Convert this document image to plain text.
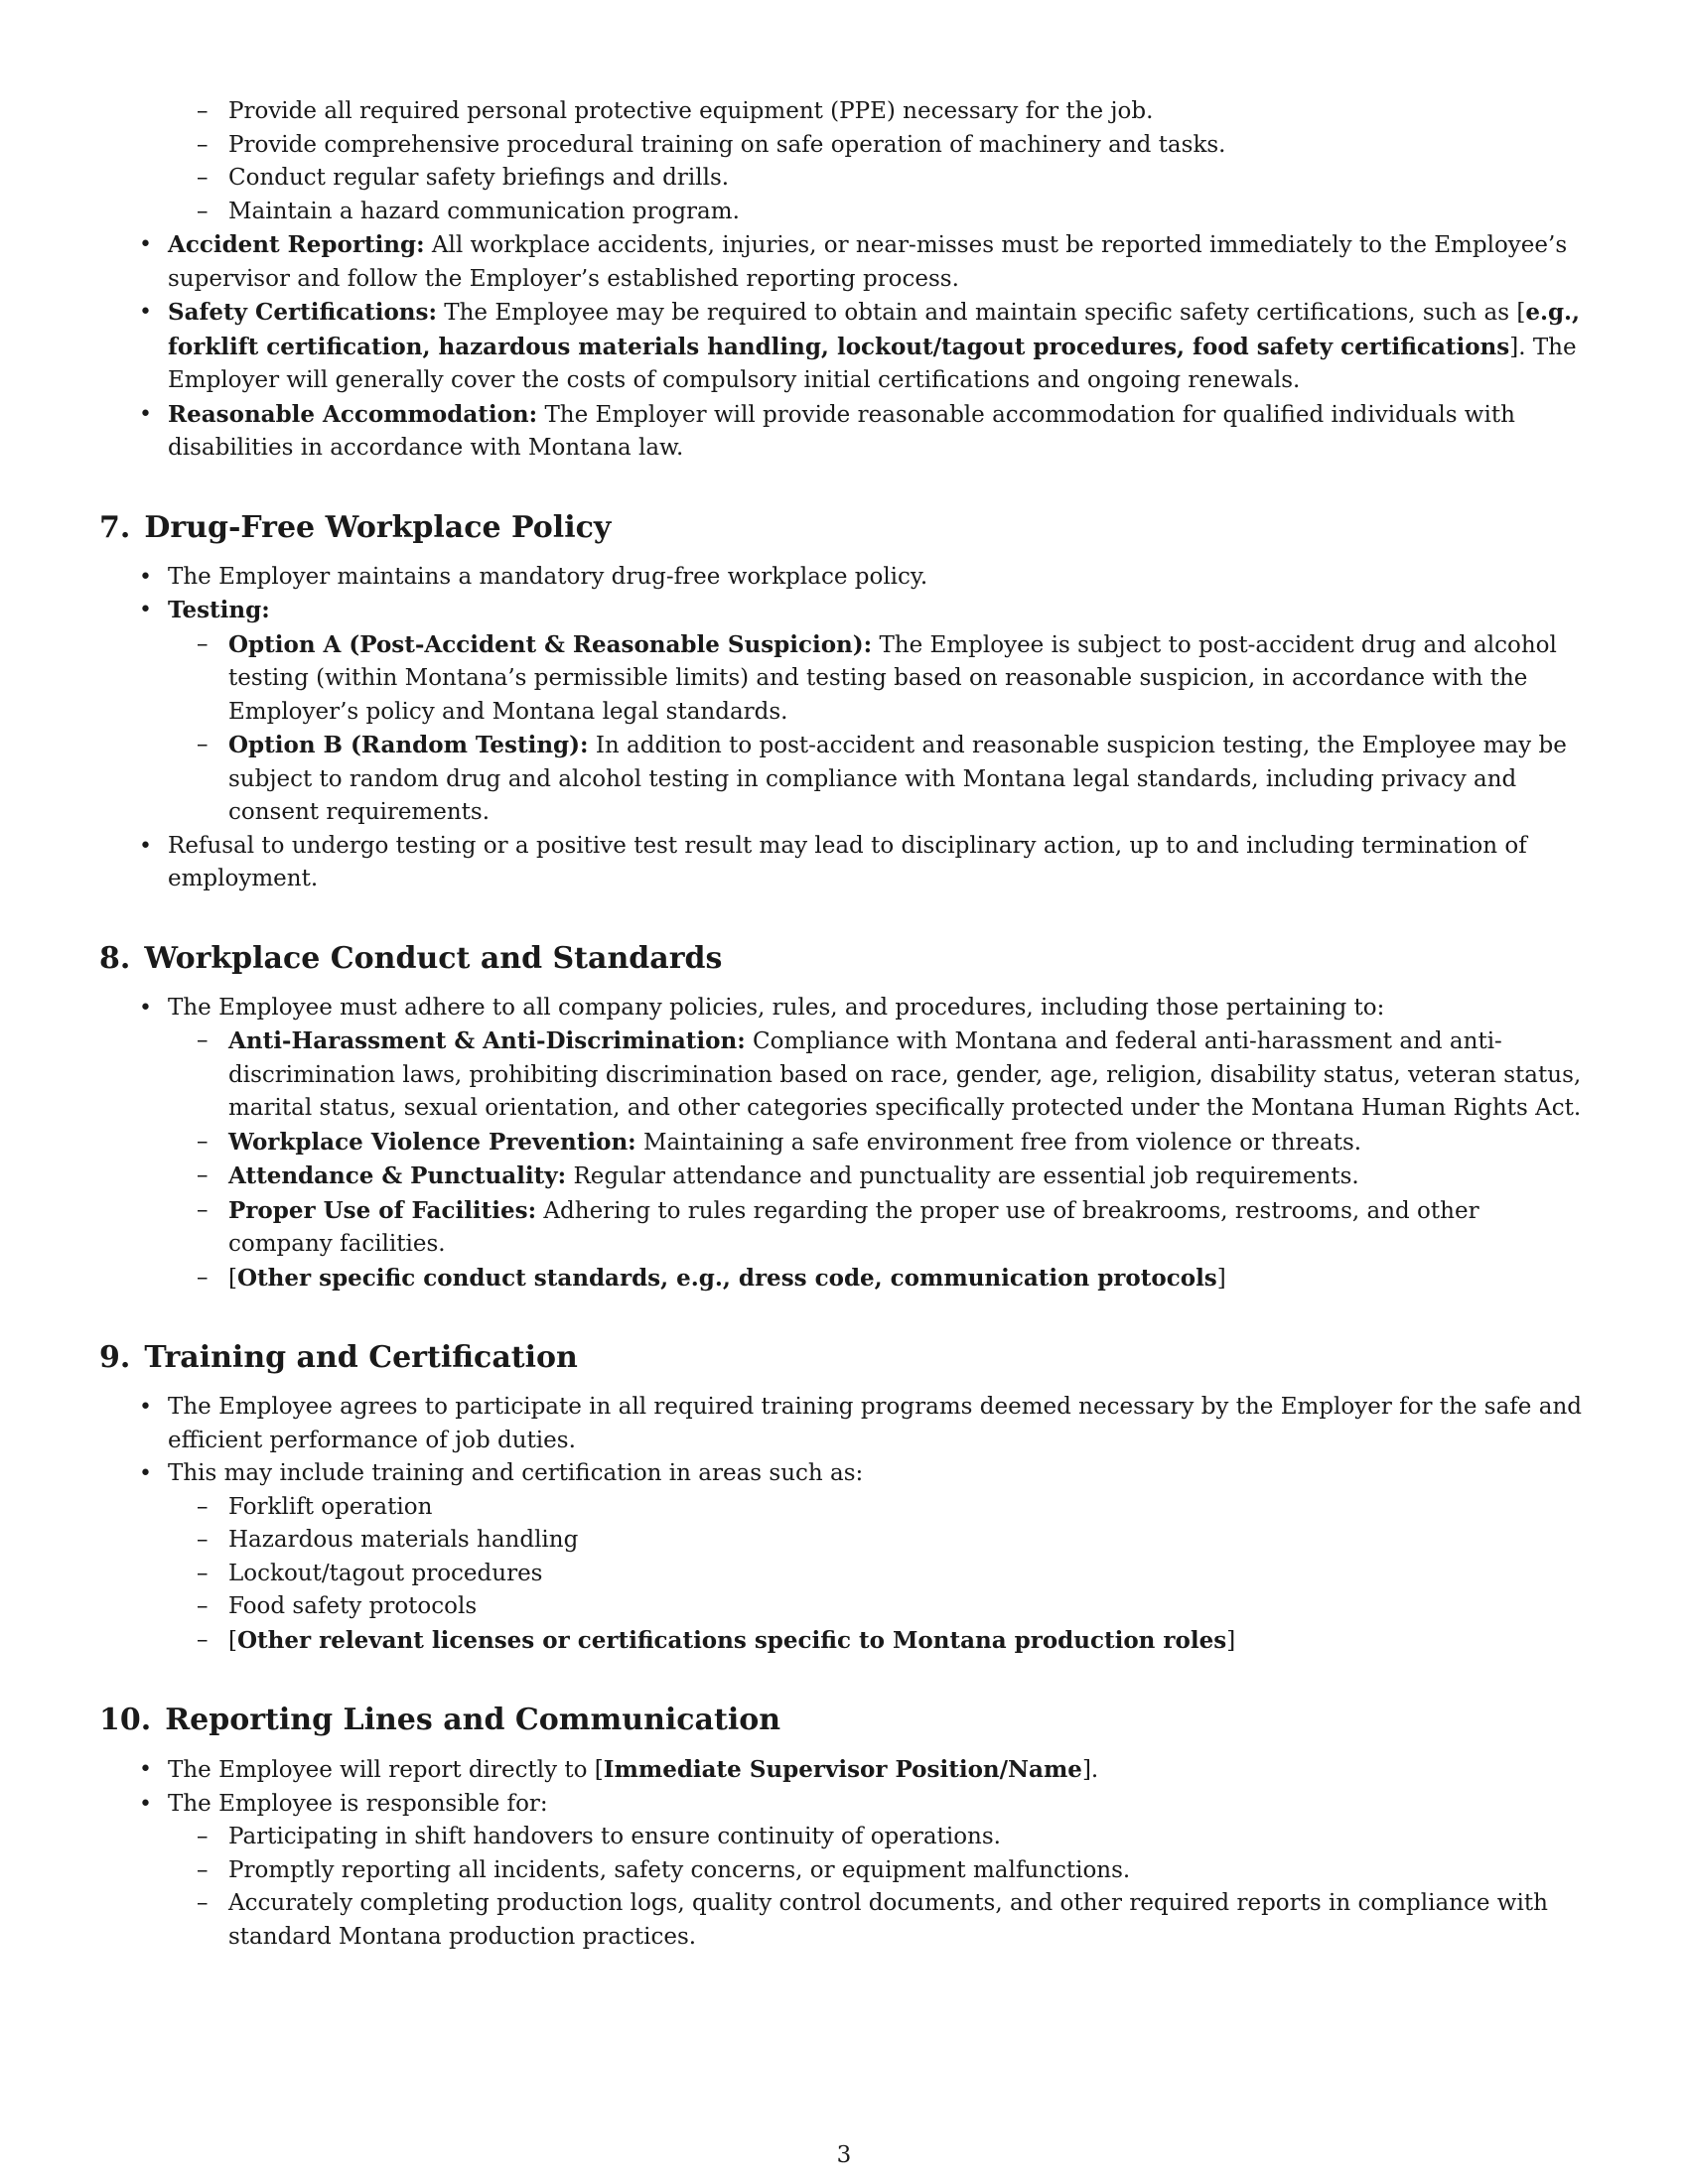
– Provide all required personal protective equipment (PPE) necessary for the job.
– Provide comprehensive procedural training on safe operation of machinery and tasks.
– Conduct regular safety briefings and drills.
– Maintain a hazard communication program.
• Accident Reporting: All workplace accidents, injuries, or near-misses must be reported immediately to the Employee’s supervisor and follow the Employer’s established reporting process.
• Safety Certifications: The Employee may be required to obtain and maintain specific safety certifications, such as [e.g., forklift certification, hazardous materials handling, lockout/tagout procedures, food safety certifications]. The Employer will generally cover the costs of compulsory initial certifications and ongoing renewals.
• Reasonable Accommodation: The Employer will provide reasonable accommodation for qualified individuals with disabilities in accordance with Montana law.
7. Drug-Free Workplace Policy
• The Employer maintains a mandatory drug-free workplace policy.
• Testing:
– Option A (Post-Accident & Reasonable Suspicion): The Employee is subject to post-accident drug and alcohol testing (within Montana’s permissible limits) and testing based on reasonable suspicion, in accordance with the Employer’s policy and Montana legal standards.
– Option B (Random Testing): In addition to post-accident and reasonable suspicion testing, the Employee may be subject to random drug and alcohol testing in compliance with Montana legal standards, including privacy and consent requirements.
• Refusal to undergo testing or a positive test result may lead to disciplinary action, up to and including termination of employment.
8. Workplace Conduct and Standards
• The Employee must adhere to all company policies, rules, and procedures, including those pertaining to:
– Anti-Harassment & Anti-Discrimination: Compliance with Montana and federal anti-harassment and anti-discrimination laws, prohibiting discrimination based on race, gender, age, religion, disability status, veteran status, marital status, sexual orientation, and other categories specifically protected under the Montana Human Rights Act.
– Workplace Violence Prevention: Maintaining a safe environment free from violence or threats.
– Attendance & Punctuality: Regular attendance and punctuality are essential job requirements.
– Proper Use of Facilities: Adhering to rules regarding the proper use of breakrooms, restrooms, and other company facilities.
– [Other specific conduct standards, e.g., dress code, communication protocols]
9. Training and Certification
• The Employee agrees to participate in all required training programs deemed necessary by the Employer for the safe and efficient performance of job duties.
• This may include training and certification in areas such as:
– Forklift operation
– Hazardous materials handling
– Lockout/tagout procedures
– Food safety protocols
– [Other relevant licenses or certifications specific to Montana production roles]
10. Reporting Lines and Communication
• The Employee will report directly to [Immediate Supervisor Position/Name].
• The Employee is responsible for:
– Participating in shift handovers to ensure continuity of operations.
– Promptly reporting all incidents, safety concerns, or equipment malfunctions.
– Accurately completing production logs, quality control documents, and other required reports in compliance with standard Montana production practices.
3
